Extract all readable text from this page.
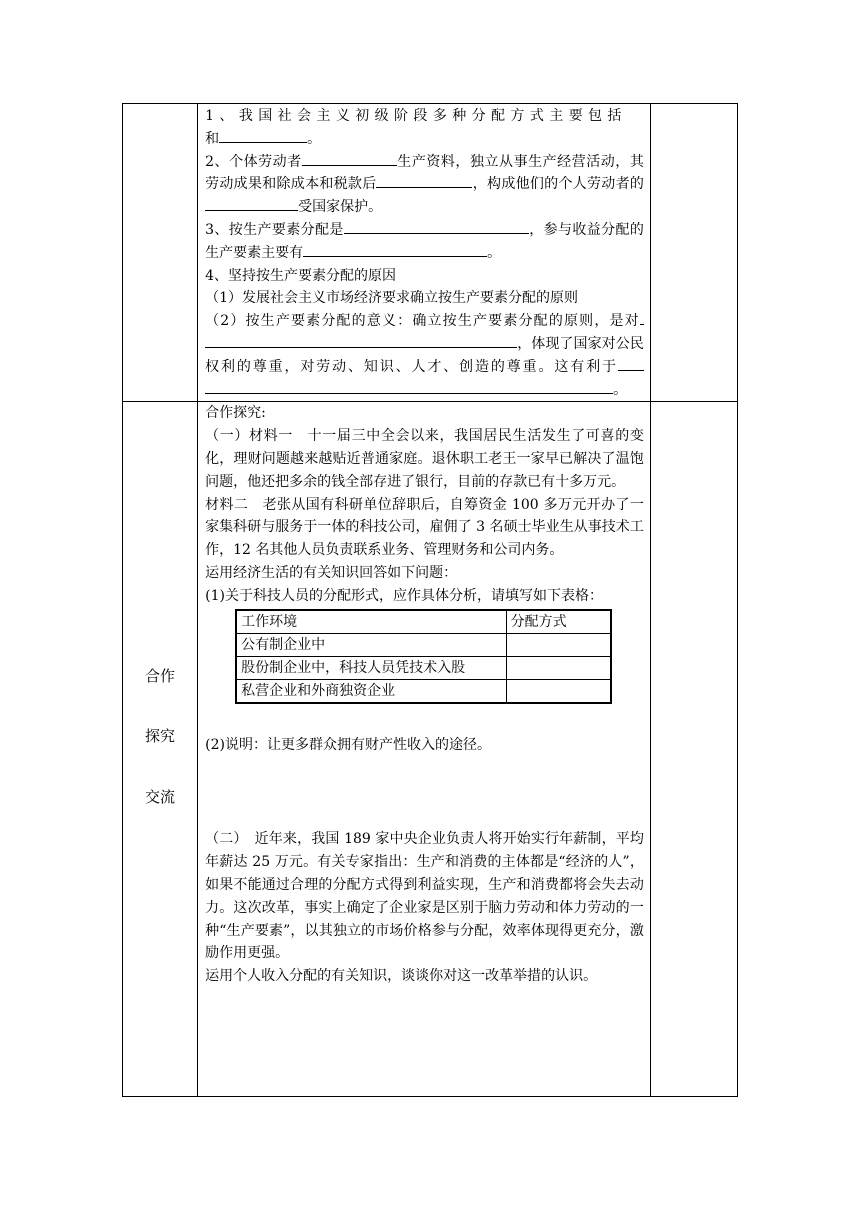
1、我国社会主义初级阶段多种分配方式主要包括

和	。

2、个体劳动者	生产资料，独立从事生产经营活动，其劳动成果和除成本和税款后	，构成他们的个人劳动者的受国家保护。

3、按生产要素分配是	，参与收益分配的生产要素主要有	。

4、坚持按生产要素分配的原因

（1）发展社会主义市场经济要求确立按生产要素分配的原则

（2）按生产要素分配的意义：确立按生产要素分配的原则，是对，体现了国家对公民权利的尊重，对劳动、知识、人才、创造的尊重。这有利于。

合作
探究
交流

合作探究:

（一）材料一　十一届三中全会以来，我国居民生活发生了可喜的变化，理财问题越来越贴近普通家庭。退休职工老王一家早已解决了温饱问题，他还把多余的钱全部存进了银行，目前的存款已有十多万元。

材料二　老张从国有科研单位辞职后，自筹资金 100 多万元开办了一家集科研与服务于一体的科技公司，雇佣了 3 名硕士毕业生从事技术工作，12 名其他人员负责联系业务、管理财务和公司内务。

运用经济生活的有关知识回答如下问题：

(1)关于科技人员的分配形式，应作具体分析，请填写如下表格：

工作环境	分配方式
公有制企业中	
股份制企业中，科技人员凭技术入股	
私营企业和外商独资企业	

(2)说明：让更多群众拥有财产性收入的途径。

（二）　近年来，我国 189 家中央企业负责人将开始实行年薪制，平均年薪达 25 万元。有关专家指出：生产和消费的主体都是“经济的人”，如果不能通过合理的分配方式得到利益实现，生产和消费都将会失去动力。这次改革，事实上确定了企业家是区别于脑力劳动和体力劳动的一种“生产要素”，以其独立的市场价格参与分配，效率体现得更充分，激励作用更强。

运用个人收入分配的有关知识，谈谈你对这一改革举措的认识。
